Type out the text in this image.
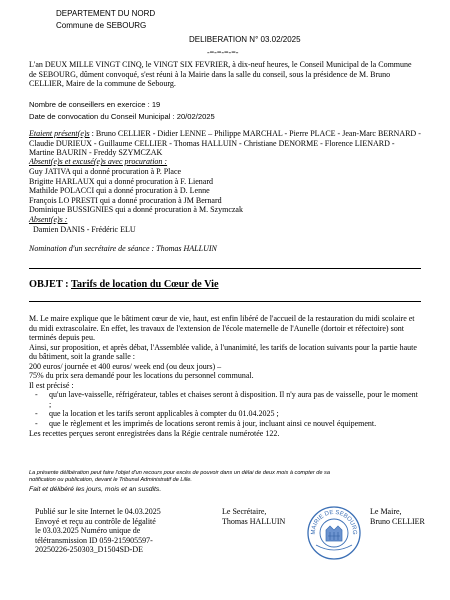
DEPARTEMENT DU NORD
Commune de SEBOURG
DELIBERATION N° 03.02/2025
-=-=-=-=-
L'an DEUX MILLE VINGT CINQ, le VINGT SIX FEVRIER, à dix-neuf heures, le Conseil Municipal de la Commune de SEBOURG, dûment convoqué, s'est réuni à la Mairie dans la salle du conseil, sous la présidence de M. Bruno CELLIER, Maire de la commune de Sebourg.
Nombre de conseillers en exercice : 19
Date de convocation du Conseil Municipal : 20/02/2025
Etaient présent(e)s : Bruno CELLIER - Didier LENNE – Philippe MARCHAL - Pierre PLACE - Jean-Marc BERNARD - Claudie DURIEUX - Guillaume CELLIER - Thomas HALLUIN - Christiane DENORME - Florence LIENARD - Martine BAURIN - Freddy SZYMCZAK
Absent(e)s et excusé(e)s avec procuration :
Guy JATIVA qui a donné procuration à P. Place
Brigitte HARLAUX qui a donné procuration à F. Lienard
Mathilde POLACCI qui a donné procuration à D. Lenne
François LO PRESTI qui a donné procuration à JM Bernard
Dominique BUSSIGNIES qui a donné procuration à M. Szymczak
Absent(e)s :
Damien DANIS - Frédéric ELU
Nomination d'un secrétaire de séance : Thomas HALLUIN
OBJET : Tarifs de location du Cœur de Vie
M. Le maire explique que le bâtiment cœur de vie, haut, est enfin libéré de l'accueil de la restauration du midi scolaire et du midi extrascolaire. En effet, les travaux de l'extension de l'école maternelle de l'Aunelle (dortoir et réfectoire) sont terminés depuis peu.
Ainsi, sur proposition, et après débat, l'Assemblée valide, à l'unanimité, les tarifs de location suivants pour la partie haute du bâtiment, soit la grande salle :
200 euros/ journée et 400 euros/ week end (ou deux jours) –
75% du prix sera demandé pour les locations du personnel communal.
Il est précisé :
- qu'un lave-vaisselle, réfrigérateur, tables et chaises seront à disposition. Il n'y aura pas de vaisselle, pour le moment ;
- que la location et les tarifs seront applicables à compter du 01.04.2025 ;
- que le règlement et les imprimés de locations seront remis à jour, incluant ainsi ce nouvel équipement.
Les recettes perçues seront enregistrées dans la Régie centrale numérotée 122.
La présente délibération peut faire l'objet d'un recours pour excès de pouvoir dans un délai de deux mois à compter de sa
notification ou publication, devant le Tribunal Administratif de Lille.
Fait et délibéré les jours, mois et an susdits.
Publié sur le site Internet le 04.03.2025
Envoyé et reçu au contrôle de légalité
le 03.03.2025 Numéro unique de
télétransmission ID 059-215905597-
20250226-250303_D1504SD-DE
Le Secrétaire,
Thomas HALLUIN
MAIRIE DE SEBOURG
Le Maire,
Bruno CELLIER
